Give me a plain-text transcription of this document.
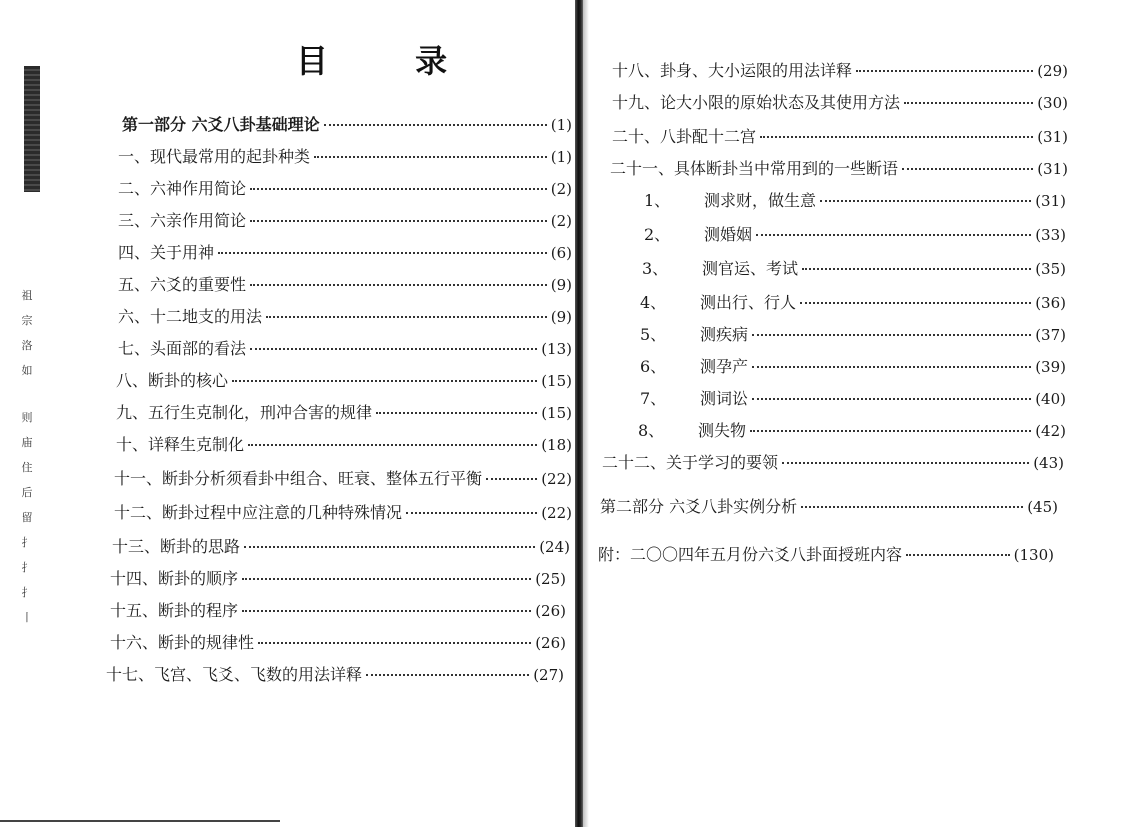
祖
宗
洛
如
则
庙
住
后
留
扌
扌
扌
丨
目 录
第一部分 六爻八卦基础理论	(1)
一、现代最常用的起卦种类	(1)
二、六神作用简论	(2)
三、六亲作用简论	(2)
四、关于用神	(6)
五、六爻的重要性	(9)
六、十二地支的用法	(9)
七、头面部的看法	(13)
八、断卦的核心	(15)
九、五行生克制化，刑冲合害的规律	(15)
十、详释生克制化	(18)
十一、断卦分析须看卦中组合、旺衰、整体五行平衡	(22)
十二、断卦过程中应注意的几种特殊情况	(22)
十三、断卦的思路	(24)
十四、断卦的顺序	(25)
十五、断卦的程序	(26)
十六、断卦的规律性	(26)
十七、飞宫、飞爻、飞数的用法详释	(27)
十八、卦身、大小运限的用法详释	(29)
十九、论大小限的原始状态及其使用方法	(30)
二十、八卦配十二宫	(31)
二十一、具体断卦当中常用到的一些断语	(31)
1、	测求财，做生意	(31)
2、	测婚姻	(33)
3、	测官运、考试	(35)
4、	测出行、行人	(36)
5、	测疾病	(37)
6、	测孕产	(39)
7、	测词讼	(40)
8、	测失物	(42)
二十二、关于学习的要领	(43)
第二部分 六爻八卦实例分析	(45)
附：二〇〇四年五月份六爻八卦面授班内容	(130)
